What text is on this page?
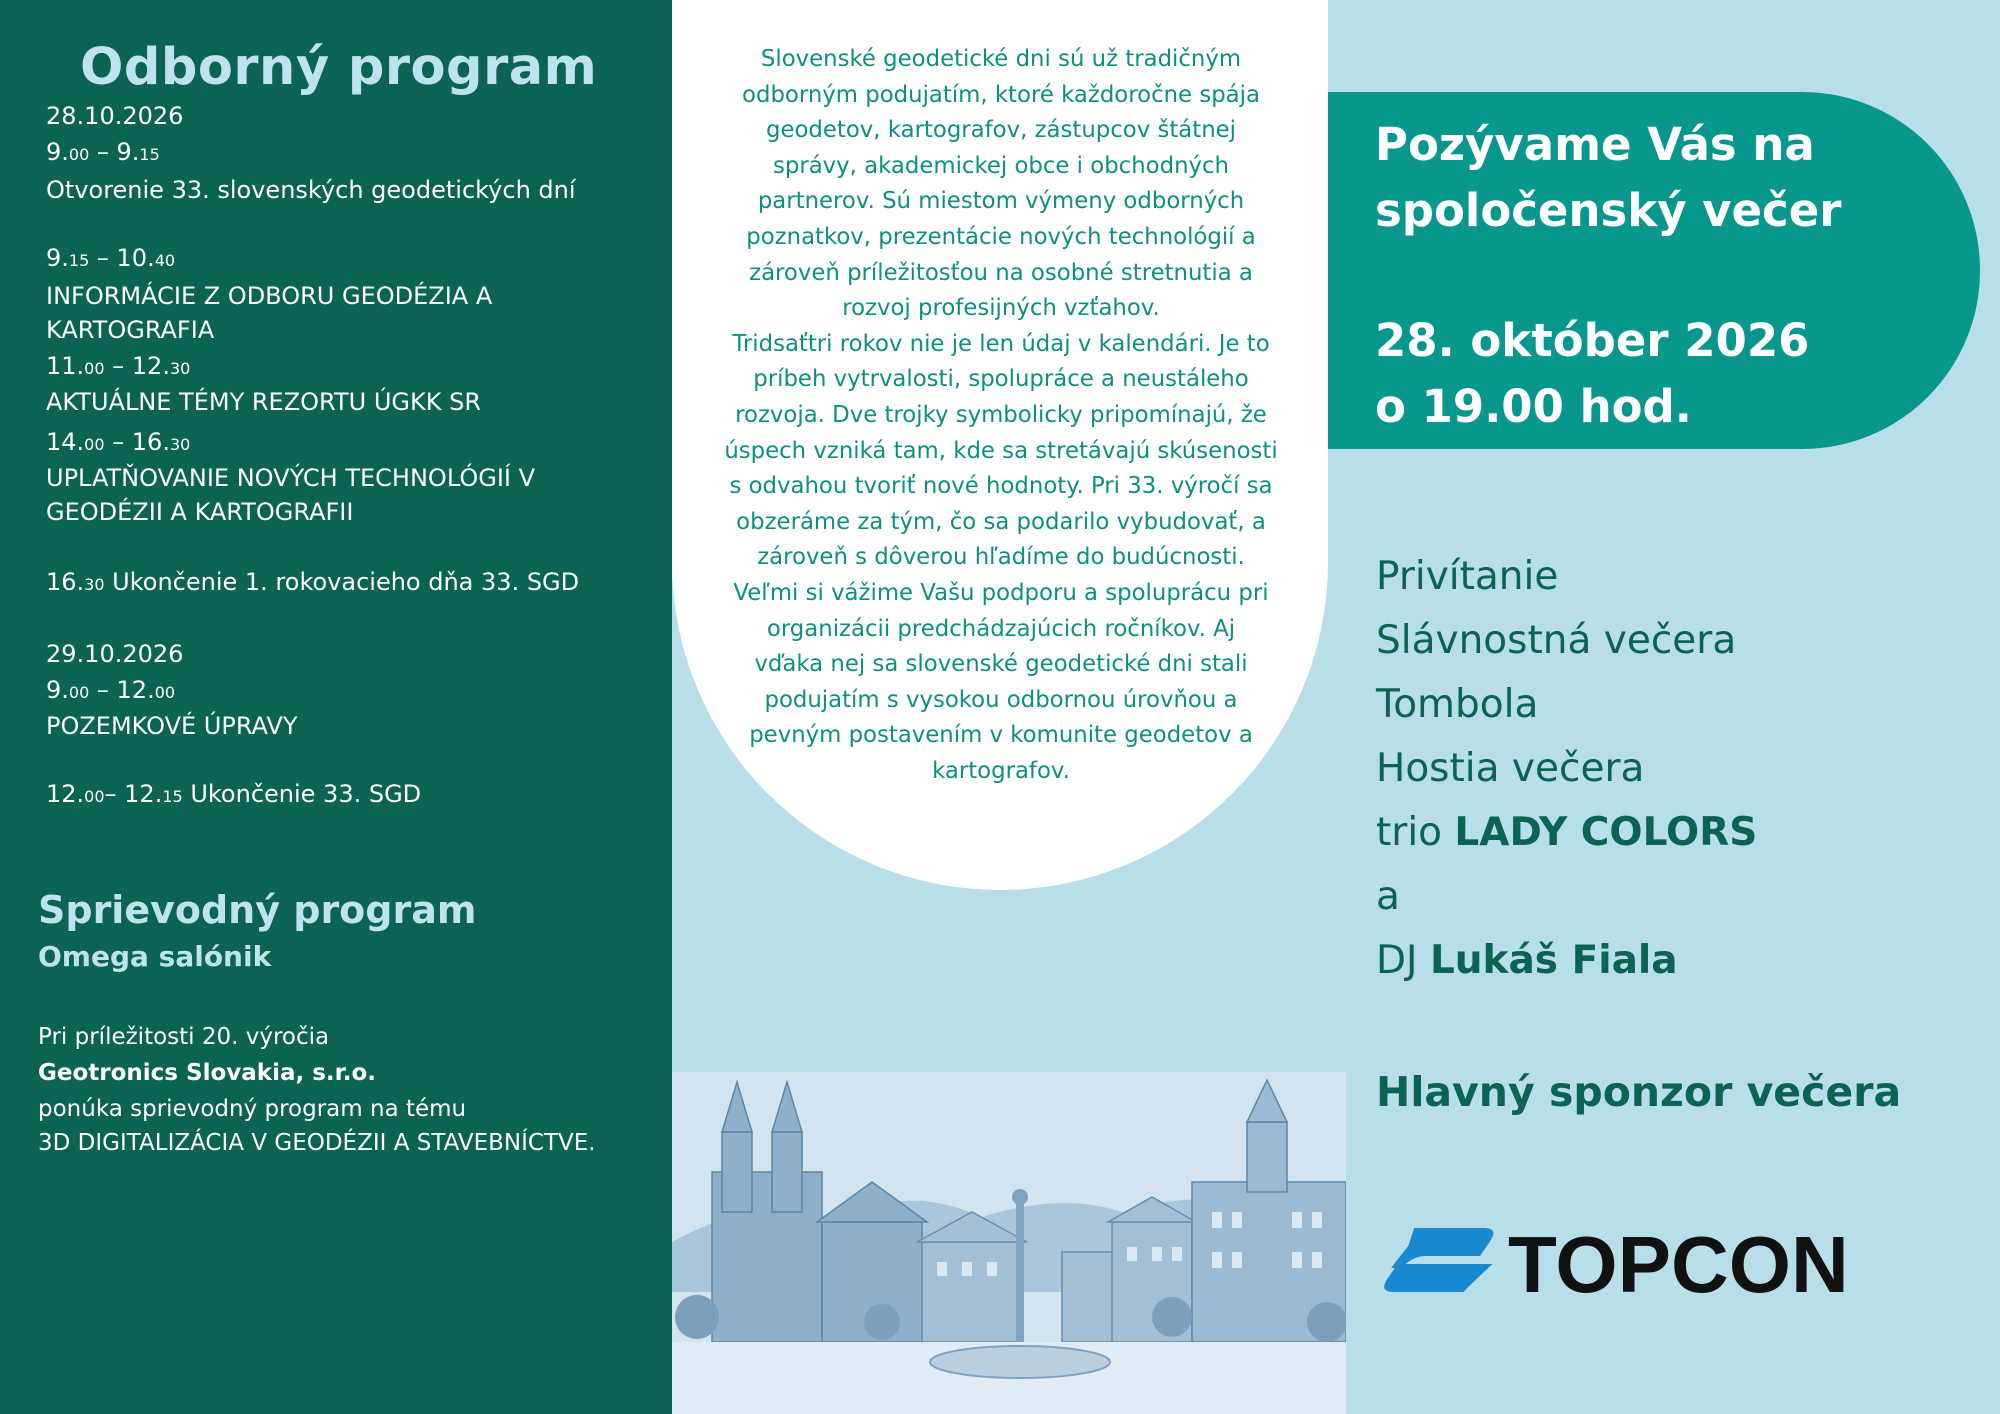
Odborný program
28.10.2026
9.00 – 9.15
Otvorenie 33. slovenských geodetických dní
9.15 – 10.40
INFORMÁCIE Z ODBORU GEODÉZIA A
KARTOGRAFIA
11.00 – 12.30
AKTUÁLNE TÉMY REZORTU ÚGKK SR
14.00 – 16.30
UPLATŇOVANIE NOVÝCH TECHNOLÓGIÍ V
GEODÉZII A KARTOGRAFII
16.30 Ukončenie 1. rokovacieho dňa 33. SGD
29.10.2026
9.00 – 12.00
POZEMKOVÉ ÚPRAVY
12.00– 12.15 Ukončenie 33. SGD
Sprievodný program
Omega salónik
Pri príležitosti 20. výročia
Geotronics Slovakia, s.r.o.
ponúka sprievodný program na tému
3D DIGITALIZÁCIA V GEODÉZII A STAVEBNÍCTVE.
Slovenské geodetické dni sú už tradičným
odborným podujatím, ktoré každoročne spája
geodetov, kartografov, zástupcov štátnej
správy, akademickej obce i obchodných
partnerov. Sú miestom výmeny odborných
poznatkov, prezentácie nových technológií a
zároveň príležitosťou na osobné stretnutia a
rozvoj profesijných vzťahov.
Tridsaťtri rokov nie je len údaj v kalendári. Je to
príbeh vytrvalosti, spolupráce a neustáleho
rozvoja. Dve trojky symbolicky pripomínajú, že
úspech vzniká tam, kde sa stretávajú skúsenosti
s odvahou tvoriť nové hodnoty. Pri 33. výročí sa
obzeráme za tým, čo sa podarilo vybudovať, a
zároveň s dôverou hľadíme do budúcnosti.
Veľmi si vážime Vašu podporu a spoluprácu pri
organizácii predchádzajúcich ročníkov. Aj
vďaka nej sa slovenské geodetické dni stali
podujatím s vysokou odbornou úrovňou a
pevným postavením v komunite geodetov a
kartografov.
Pozývame Vás na
spoločenský večer
28. október 2026
o 19.00 hod.
Privítanie
Slávnostná večera
Tombola
Hostia večera
trio LADY COLORS
a
DJ Lukáš Fiala
Hlavný sponzor večera
TOPCON
